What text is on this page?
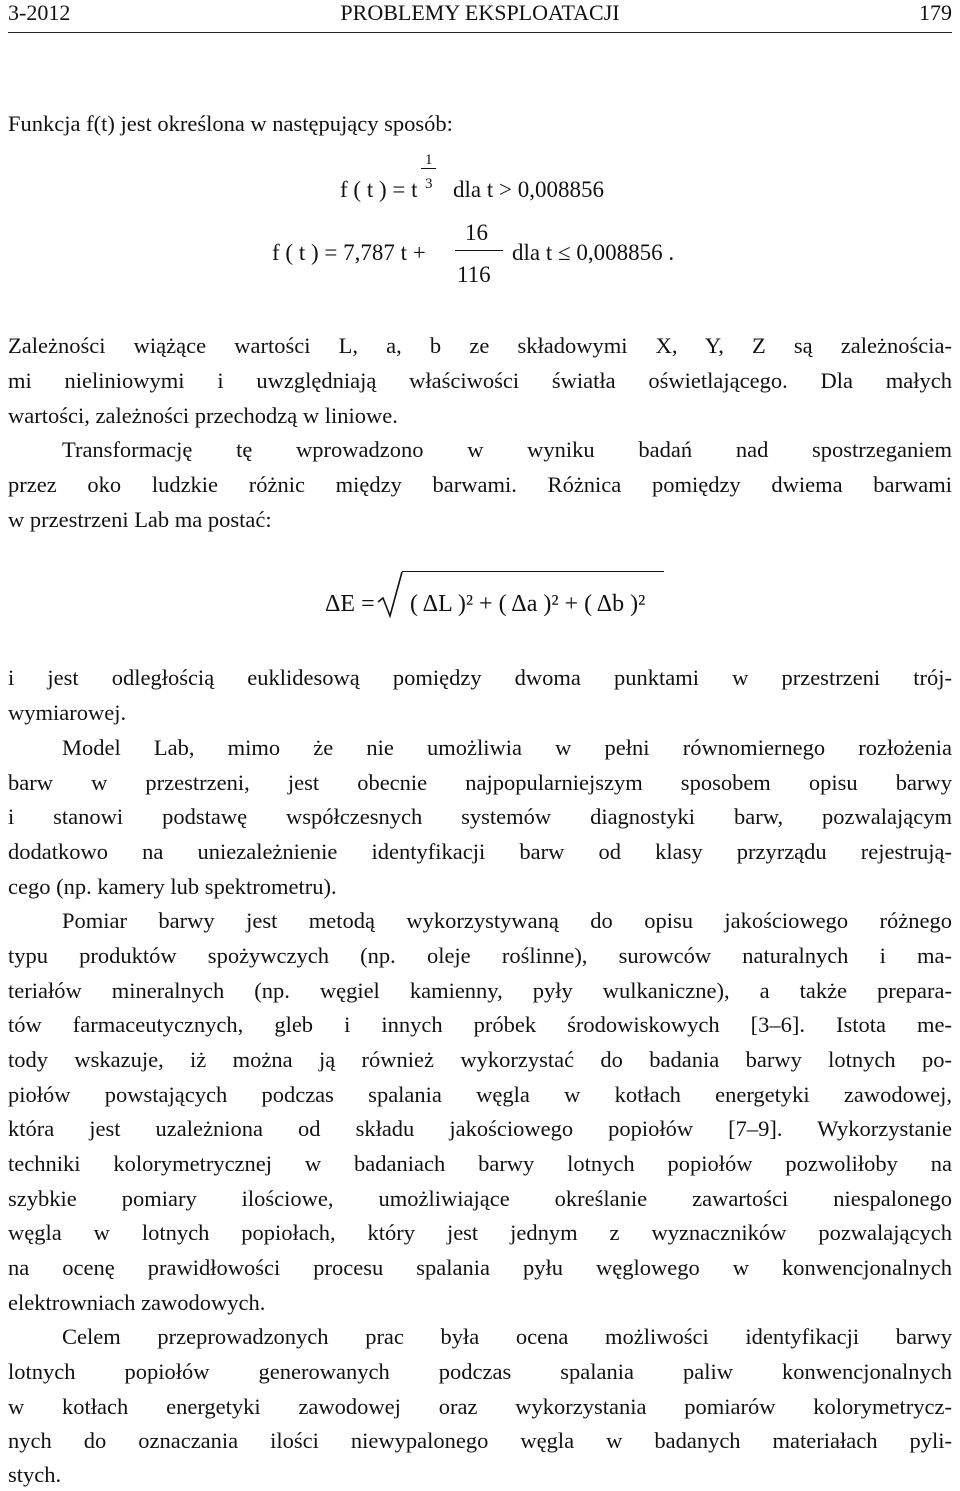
3-2012	PROBLEMY EKSPLOATACJI	179
Funkcja f(t) jest określona w następujący sposób:
f ( t ) = t
1
3 dla t > 0,008856
f ( t ) = 7,787 t +
16
116
dla t ≤ 0,008856 .
Zależności wiążące wartości L, a, b ze składowymi X, Y, Z są zależnościa-
mi nieliniowymi i uwzględniają właściwości światła oświetlającego. Dla małych
wartości, zależności przechodzą w liniowe.
Transformację tę wprowadzono w wyniku badań nad spostrzeganiem
przez oko ludzkie różnic między barwami. Różnica pomiędzy dwiema barwami
w przestrzeni Lab ma postać:
ΔE = ( ΔL )² + ( Δa )² + ( Δb )²
i jest odległością euklidesową pomiędzy dwoma punktami w przestrzeni trój-
wymiarowej.
Model Lab, mimo że nie umożliwia w pełni równomiernego rozłożenia
barw w przestrzeni, jest obecnie najpopularniejszym sposobem opisu barwy
i stanowi podstawę współczesnych systemów diagnostyki barw, pozwalającym
dodatkowo na uniezależnienie identyfikacji barw od klasy przyrządu rejestrują-
cego (np. kamery lub spektrometru).
Pomiar barwy jest metodą wykorzystywaną do opisu jakościowego różnego
typu produktów spożywczych (np. oleje roślinne), surowców naturalnych i ma-
teriałów mineralnych (np. węgiel kamienny, pyły wulkaniczne), a także prepara-
tów farmaceutycznych, gleb i innych próbek środowiskowych [3–6]. Istota me-
tody wskazuje, iż można ją również wykorzystać do badania barwy lotnych po-
piołów powstających podczas spalania węgla w kotłach energetyki zawodowej,
która jest uzależniona od składu jakościowego popiołów [7–9]. Wykorzystanie
techniki kolorymetrycznej w badaniach barwy lotnych popiołów pozwoliłoby na
szybkie pomiary ilościowe, umożliwiające określanie zawartości niespalonego
węgla w lotnych popiołach, który jest jednym z wyznaczników pozwalających
na ocenę prawidłowości procesu spalania pyłu węglowego w konwencjonalnych
elektrowniach zawodowych.
Celem przeprowadzonych prac była ocena możliwości identyfikacji barwy
lotnych popiołów generowanych podczas spalania paliw konwencjonalnych
w kotłach energetyki zawodowej oraz wykorzystania pomiarów kolorymetrycz-
nych do oznaczania ilości niewypalonego węgla w badanych materiałach pyli-
stych.
